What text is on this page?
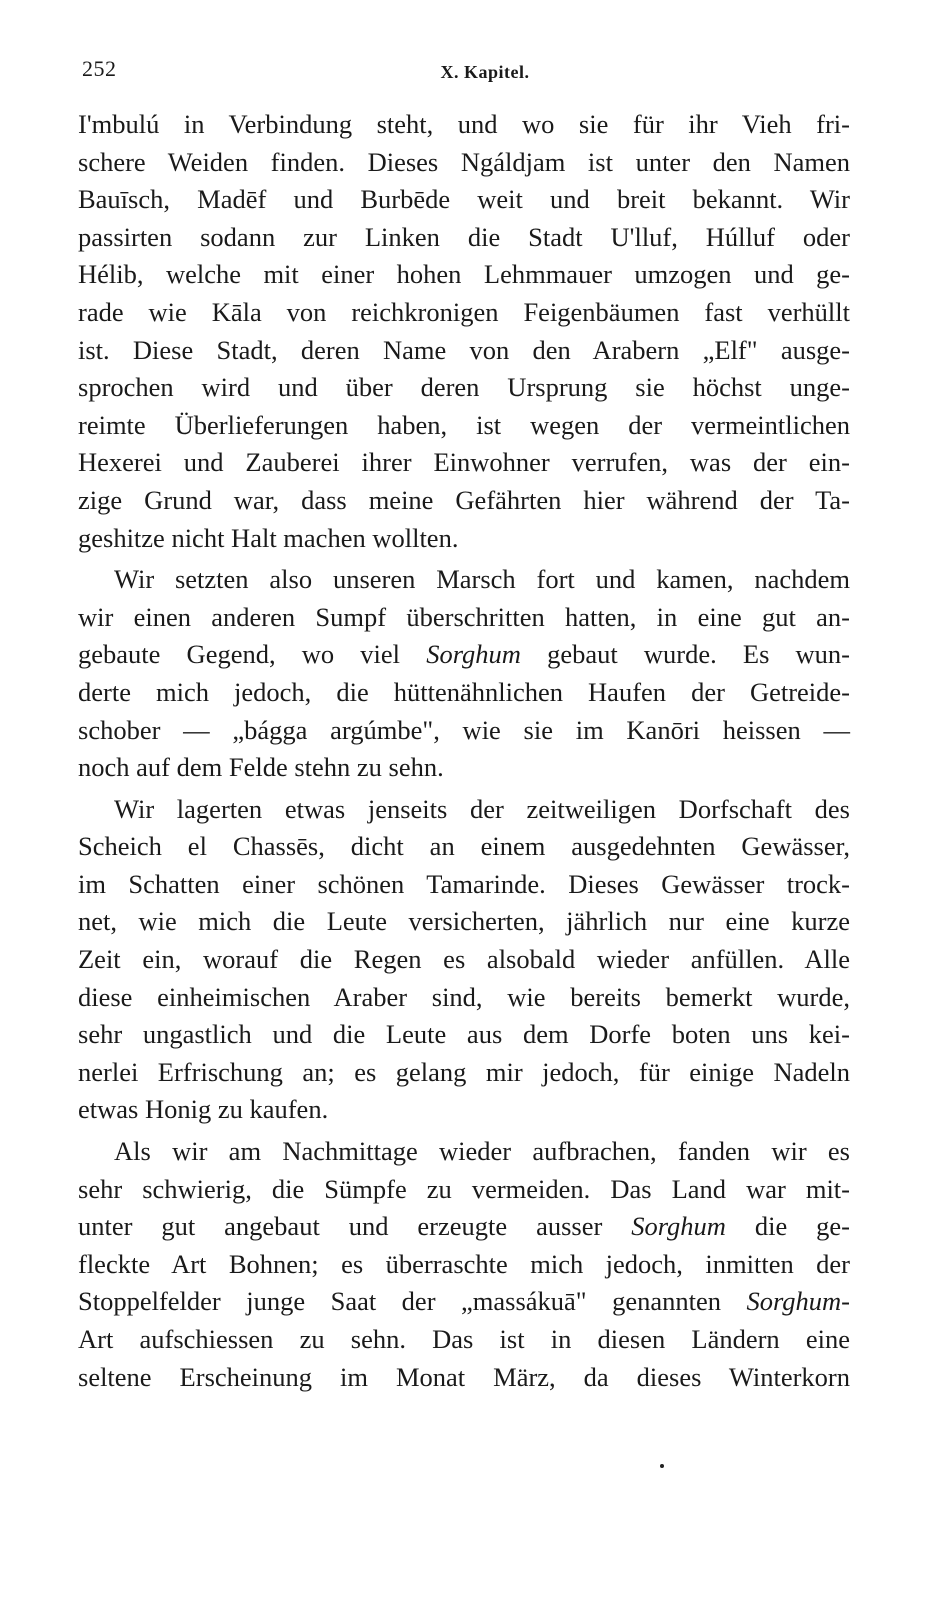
252	X. Kapitel.
I'mbulú in Verbindung steht, und wo sie für ihr Vieh fri-
schere Weiden finden. Dieses Ngáldjam ist unter den Namen
Bauīsch, Madēf und Burbēde weit und breit bekannt. Wir
passirten sodann zur Linken die Stadt U'lluf, Húlluf oder
Hélib, welche mit einer hohen Lehmmauer umzogen und ge-
rade wie Kāla von reichkronigen Feigenbäumen fast verhüllt
ist. Diese Stadt, deren Name von den Arabern „Elf" ausge-
sprochen wird und über deren Ursprung sie höchst unge-
reimte Überlieferungen haben, ist wegen der vermeintlichen
Hexerei und Zauberei ihrer Einwohner verrufen, was der ein-
zige Grund war, dass meine Gefährten hier während der Ta-
geshitze nicht Halt machen wollten.
Wir setzten also unseren Marsch fort und kamen, nachdem
wir einen anderen Sumpf überschritten hatten, in eine gut an-
gebaute Gegend, wo viel Sorghum gebaut wurde. Es wun-
derte mich jedoch, die hüttenähnlichen Haufen der Getreide-
schober — „bágga argúmbe", wie sie im Kanōri heissen —
noch auf dem Felde stehn zu sehn.
Wir lagerten etwas jenseits der zeitweiligen Dorfschaft des
Scheich el Chassēs, dicht an einem ausgedehnten Gewässer,
im Schatten einer schönen Tamarinde. Dieses Gewässer trock-
net, wie mich die Leute versicherten, jährlich nur eine kurze
Zeit ein, worauf die Regen es alsobald wieder anfüllen. Alle
diese einheimischen Araber sind, wie bereits bemerkt wurde,
sehr ungastlich und die Leute aus dem Dorfe boten uns kei-
nerlei Erfrischung an; es gelang mir jedoch, für einige Nadeln
etwas Honig zu kaufen.
Als wir am Nachmittage wieder aufbrachen, fanden wir es
sehr schwierig, die Sümpfe zu vermeiden. Das Land war mit-
unter gut angebaut und erzeugte ausser Sorghum die ge-
fleckte Art Bohnen; es überraschte mich jedoch, inmitten der
Stoppelfelder junge Saat der „massákuā" genannten Sorghum-
Art aufschiessen zu sehn. Das ist in diesen Ländern eine
seltene Erscheinung im Monat März, da dieses Winterkorn
